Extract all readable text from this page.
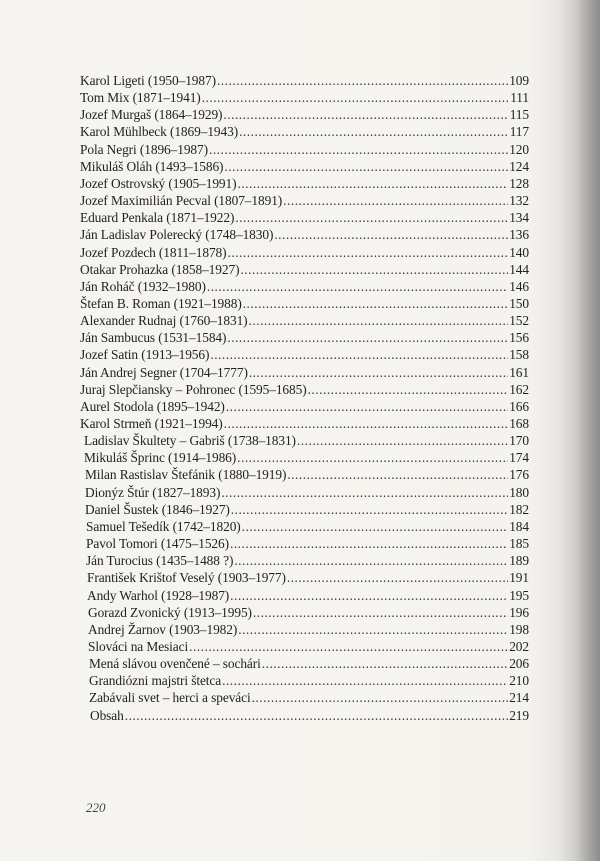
Karol Ligeti (1950–1987) .....	109
Tom Mix (1871–1941) .....	111
Jozef Murgaš (1864–1929) .....	115
Karol Mühlbeck (1869–1943) .....	117
Pola Negri (1896–1987) .....	120
Mikuláš Oláh (1493–1586) .....	124
Jozef Ostrovský (1905–1991) .....	128
Jozef Maximilián Pecval (1807–1891) .....	132
Eduard Penkala (1871–1922) .....	134
Ján Ladislav Polerecký (1748–1830) .....	136
Jozef Pozdech (1811–1878) .....	140
Otakar Prohazka (1858–1927) .....	144
Ján Roháč (1932–1980) .....	146
Štefan B. Roman (1921–1988) .....	150
Alexander Rudnaj (1760–1831) .....	152
Ján Sambucus (1531–1584) .....	156
Jozef Satin (1913–1956) .....	158
Ján Andrej Segner (1704–1777) .....	161
Juraj Slepčiansky – Pohronec (1595–1685) .....	162
Aurel Stodola (1895–1942) .....	166
Karol Strmeň (1921–1994) .....	168
Ladislav Škultety – Gabriš (1738–1831) .....	170
Mikuláš Šprinc (1914–1986) .....	174
Milan Rastislav Štefánik (1880–1919) .....	176
Dionýz Štúr (1827–1893) .....	180
Daniel Šustek (1846–1927) .....	182
Samuel Tešedík (1742–1820) .....	184
Pavol Tomori (1475–1526) .....	185
Ján Turocius (1435–1488 ?) .....	189
František Krištof Veselý (1903–1977) .....	191
Andy Warhol (1928–1987) .....	195
Gorazd Zvonický (1913–1995) .....	196
Andrej Žarnov (1903–1982) .....	198
Slováci na Mesiaci .....	202
Mená slávou ovenčené – sochári .....	206
Grandiózni majstri štetca .....	210
Zabávali svet – herci a speváci .....	214
Obsah .....	219
220
